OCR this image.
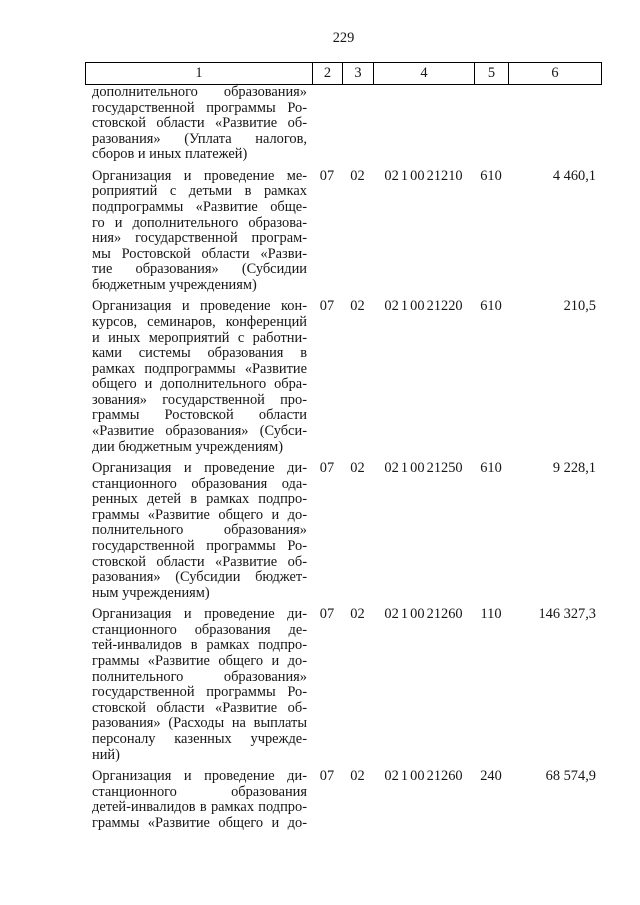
229
1	2	3	4	5	6
дополнительного образования»
государственной программы Ро-
стовской области «Развитие об-
разования» (Уплата налогов,
сборов и иных платежей)
Организация и проведение ме-
роприятий с детьми в рамках
подпрограммы «Развитие обще-
го и дополнительного образова-
ния» государственной програм-
мы Ростовской области «Разви-
тие образования» (Субсидии
бюджетным учреждениям)
07	02	02 1 00 21210	610	4 460,1
Организация и проведение кон-
курсов, семинаров, конференций
и иных мероприятий с работни-
ками системы образования в
рамках подпрограммы «Развитие
общего и дополнительного обра-
зования» государственной про-
граммы Ростовской области
«Развитие образования» (Субси-
дии бюджетным учреждениям)
07	02	02 1 00 21220	610	210,5
Организация и проведение ди-
станционного образования ода-
ренных детей в рамках подпро-
граммы «Развитие общего и до-
полнительного образования»
государственной программы Ро-
стовской области «Развитие об-
разования» (Субсидии бюджет-
ным учреждениям)
07	02	02 1 00 21250	610	9 228,1
Организация и проведение ди-
станционного образования де-
тей-инвалидов в рамках подпро-
граммы «Развитие общего и до-
полнительного образования»
государственной программы Ро-
стовской области «Развитие об-
разования» (Расходы на выплаты
персоналу казенных учрежде-
ний)
07	02	02 1 00 21260	110	146 327,3
Организация и проведение ди-
станционного образования
детей-инвалидов в рамках подпро-
граммы «Развитие общего и до-
07	02	02 1 00 21260	240	68 574,9
